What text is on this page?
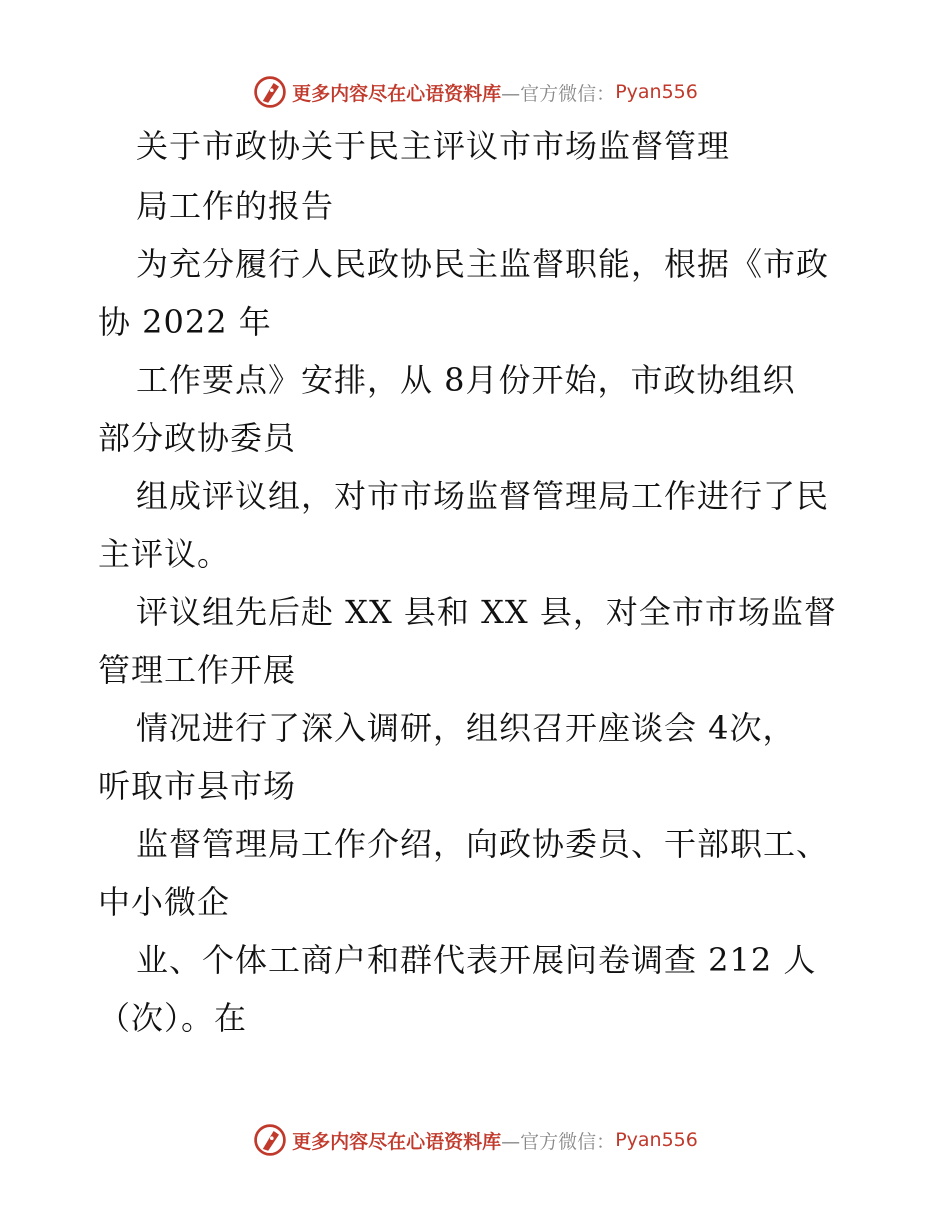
更多内容尽在心语资料库 —官方微信： Pyan556
关于市政协关于民主评议市市场监督管理
局工作的报告
为充分履行人民政协民主监督职能，根据《市政
协 2022 年
工作要点》安排，从 8月份开始，市政协组织
部分政协委员
组成评议组，对市市场监督管理局工作进行了民
主评议。
评议组先后赴 XX 县和 XX 县，对全市市场监督
管理工作开展
情况进行了深入调研，组织召开座谈会 4次，
听取市县市场
监督管理局工作介绍，向政协委员、干部职工、
中小微企
业、个体工商户和群代表开展问卷调查 212 人
（次）。在
更多内容尽在心语资料库 —官方微信： Pyan556
